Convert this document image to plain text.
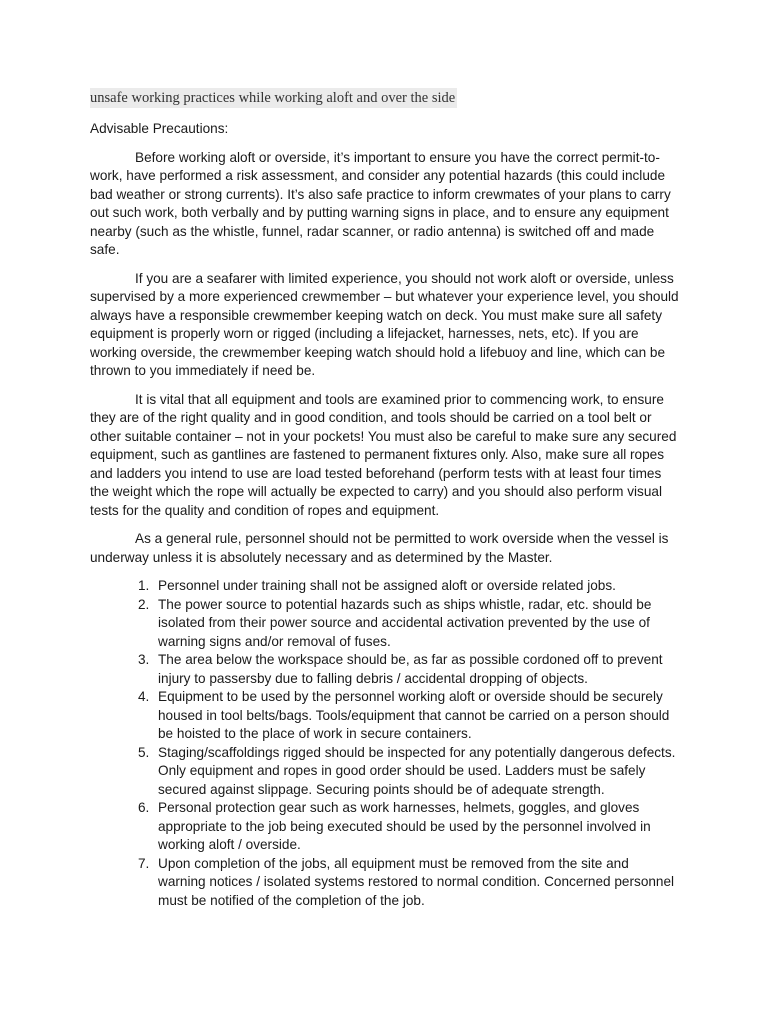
unsafe working practices while working aloft and over the side
Advisable Precautions:

Before working aloft or overside, it’s important to ensure you have the correct permit-to-work, have performed a risk assessment, and consider any potential hazards (this could include bad weather or strong currents). It’s also safe practice to inform crewmates of your plans to carry out such work, both verbally and by putting warning signs in place, and to ensure any equipment nearby (such as the whistle, funnel, radar scanner, or radio antenna) is switched off and made safe.

If you are a seafarer with limited experience, you should not work aloft or overside, unless supervised by a more experienced crewmember – but whatever your experience level, you should always have a responsible crewmember keeping watch on deck. You must make sure all safety equipment is properly worn or rigged (including a lifejacket, harnesses, nets, etc). If you are working overside, the crewmember keeping watch should hold a lifebuoy and line, which can be thrown to you immediately if need be.

It is vital that all equipment and tools are examined prior to commencing work, to ensure they are of the right quality and in good condition, and tools should be carried on a tool belt or other suitable container – not in your pockets! You must also be careful to make sure any secured equipment, such as gantlines are fastened to permanent fixtures only. Also, make sure all ropes and ladders you intend to use are load tested beforehand (perform tests with at least four times the weight which the rope will actually be expected to carry) and you should also perform visual tests for the quality and condition of ropes and equipment.

As a general rule, personnel should not be permitted to work overside when the vessel is underway unless it is absolutely necessary and as determined by the Master.

1. Personnel under training shall not be assigned aloft or overside related jobs.
2. The power source to potential hazards such as ships whistle, radar, etc. should be isolated from their power source and accidental activation prevented by the use of warning signs and/or removal of fuses.
3. The area below the workspace should be, as far as possible cordoned off to prevent injury to passersby due to falling debris / accidental dropping of objects.
4. Equipment to be used by the personnel working aloft or overside should be securely housed in tool belts/bags. Tools/equipment that cannot be carried on a person should be hoisted to the place of work in secure containers.
5. Staging/scaffoldings rigged should be inspected for any potentially dangerous defects. Only equipment and ropes in good order should be used. Ladders must be safely secured against slippage. Securing points should be of adequate strength.
6. Personal protection gear such as work harnesses, helmets, goggles, and gloves appropriate to the job being executed should be used by the personnel involved in working aloft / overside.
7. Upon completion of the jobs, all equipment must be removed from the site and warning notices / isolated systems restored to normal condition. Concerned personnel must be notified of the completion of the job.
